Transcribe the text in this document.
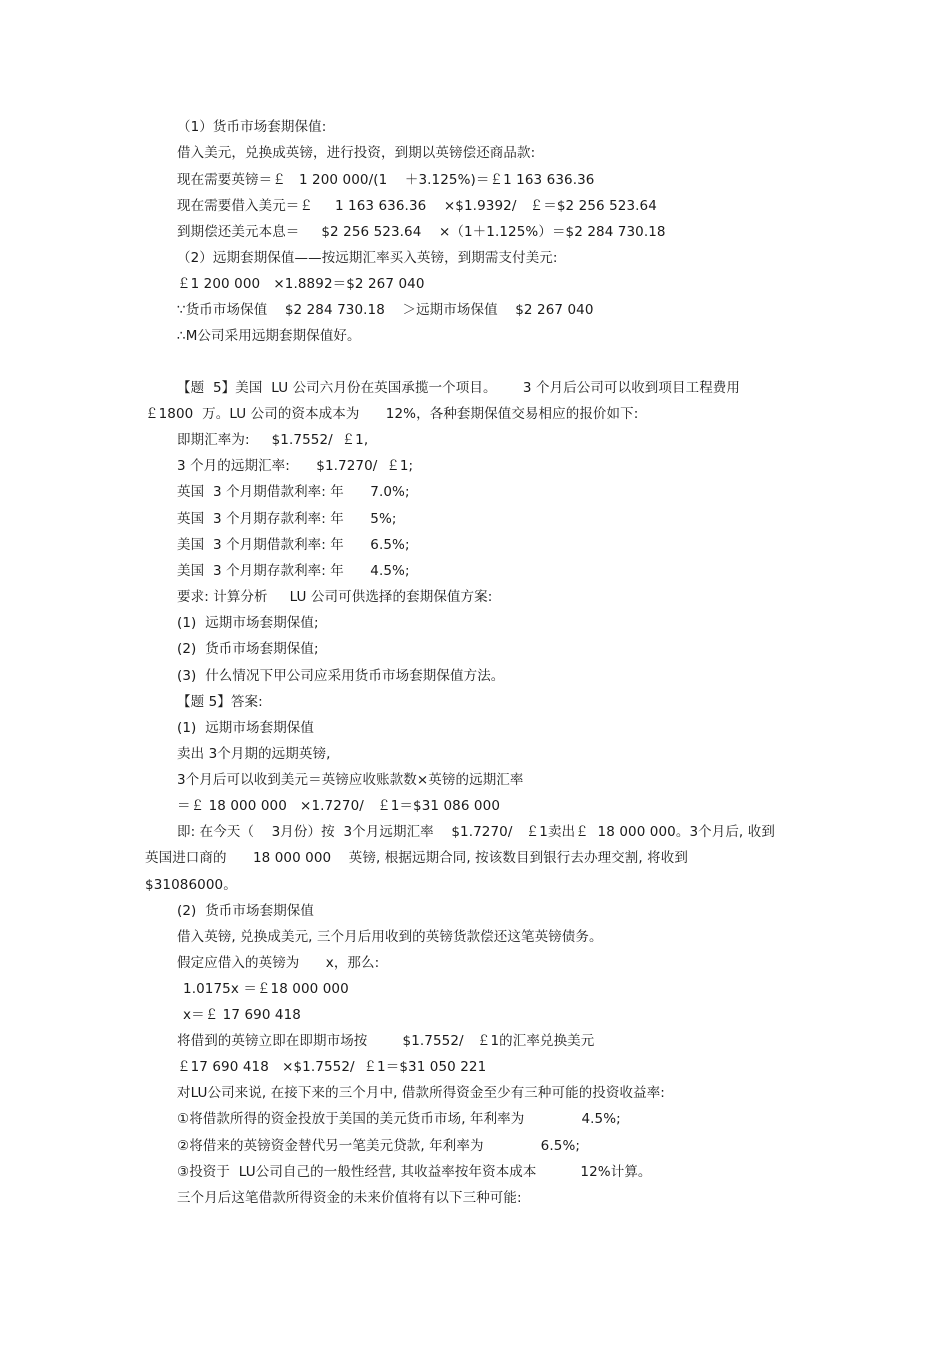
（1）货币市场套期保值:
借入美元，兑换成英镑，进行投资，到期以英镑偿还商品款:
现在需要英镑＝￡   1 200 000/(1    ＋3.125%)＝￡1 163 636.36
现在需要借入美元＝￡     1 163 636.36    ×$1.9392/   ￡＝$2 256 523.64
到期偿还美元本息＝     $2 256 523.64    ×（1＋1.125%）＝$2 284 730.18
（2）远期套期保值——按远期汇率买入英镑，到期需支付美元:
￡1 200 000   ×1.8892＝$2 267 040
∵货币市场保值    $2 284 730.18    ＞远期市场保值    $2 267 040
∴M公司采用远期套期保值好。
【题  5】美国  LU 公司六月份在英国承揽一个项目。      3 个月后公司可以收到项目工程费用
￡1800  万。LU 公司的资本成本为      12%，各种套期保值交易相应的报价如下:
即期汇率为:     $1.7552/  ￡1,
3 个月的远期汇率:      $1.7270/  ￡1;
英国  3 个月期借款利率: 年      7.0%;
英国  3 个月期存款利率: 年      5%;
美国  3 个月期借款利率: 年      6.5%;
美国  3 个月期存款利率: 年      4.5%;
要求: 计算分析     LU 公司可供选择的套期保值方案:
(1)  远期市场套期保值;
(2)  货币市场套期保值;
(3)  什么情况下甲公司应采用货币市场套期保值方法。
【题 5】答案:
(1)  远期市场套期保值
卖出 3个月期的远期英镑,
3个月后可以收到美元＝英镑应收账款数×英镑的远期汇率
＝￡ 18 000 000   ×1.7270/   ￡1＝$31 086 000
即: 在今天（    3月份）按  3个月远期汇率    $1.7270/   ￡1卖出￡  18 000 000。3个月后, 收到
英国进口商的      18 000 000    英镑, 根据远期合同, 按该数目到银行去办理交割, 将收到
$31086000。
(2)  货币市场套期保值
借入英镑, 兑换成美元, 三个月后用收到的英镑货款偿还这笔英镑债务。
假定应借入的英镑为      x，那么:
1.0175x ＝￡18 000 000
x＝￡ 17 690 418
将借到的英镑立即在即期市场按        $1.7552/   ￡1的汇率兑换美元
￡17 690 418   ×$1.7552/  ￡1＝$31 050 221
对LU公司来说, 在接下来的三个月中, 借款所得资金至少有三种可能的投资收益率:
①将借款所得的资金投放于美国的美元货币市场, 年利率为             4.5%;
②将借来的英镑资金替代另一笔美元贷款, 年利率为             6.5%;
③投资于  LU公司自己的一般性经营, 其收益率按年资本成本          12%计算。
三个月后这笔借款所得资金的未来价值将有以下三种可能:
